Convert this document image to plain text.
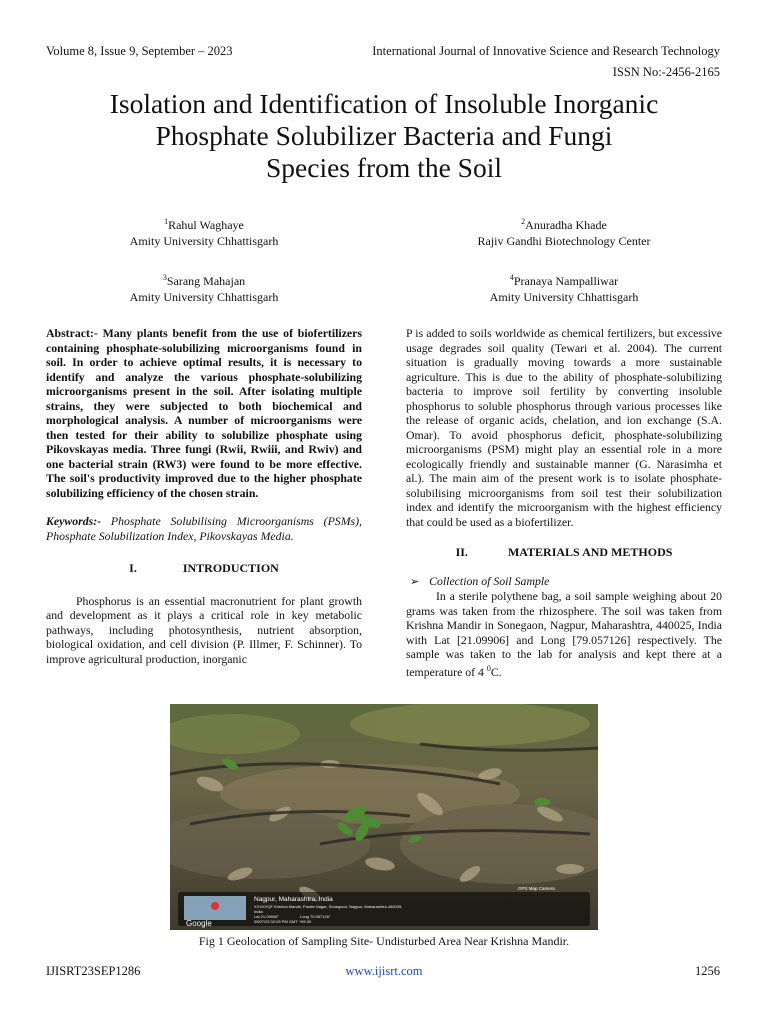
Volume 8, Issue 9, September – 2023	International Journal of Innovative Science and Research Technology
ISSN No:-2456-2165
Isolation and Identification of Insoluble Inorganic
Phosphate Solubilizer Bacteria and Fungi
Species from the Soil
$^1$Rahul Waghaye
Amity University Chhattisgarh
$^2$Anuradha Khade
Rajiv Gandhi Biotechnology Center
$^3$Sarang Mahajan
Amity University Chhattisgarh
$^4$Pranaya Nampalliwar
Amity University Chhattisgarh

Abstract:- Many plants benefit from the use of biofertilizers containing phosphate-solubilizing microorganisms found in soil. In order to achieve optimal results, it is necessary to identify and analyze the various phosphate-solubilizing microorganisms present in the soil. After isolating multiple strains, they were subjected to both biochemical and morphological analysis. A number of microorganisms were then tested for their ability to solubilize phosphate using Pikovskayas media. Three fungi (Rwii, Rwiii, and Rwiv) and one bacterial strain (RW3) were found to be more effective. The soil's productivity improved due to the higher phosphate solubilizing efficiency of the chosen strain.

Keywords:- Phosphate Solubilising Microorganisms (PSMs), Phosphate Solubilization Index, Pikovskayas Media.

I.	INTRODUCTION

Phosphorus is an essential macronutrient for plant growth and development as it plays a critical role in key metabolic pathways, including photosynthesis, nutrient absorption, biological oxidation, and cell division (P. Illmer, F. Schinner). To improve agricultural production, inorganic

P is added to soils worldwide as chemical fertilizers, but excessive usage degrades soil quality (Tewari et al. 2004). The current situation is gradually moving towards a more sustainable agriculture. This is due to the ability of phosphate-solubilizing bacteria to improve soil fertility by converting insoluble phosphorus to soluble phosphorus through various processes like the release of organic acids, chelation, and ion exchange (S.A. Omar). To avoid phosphorus deficit, phosphate-solubilizing microorganisms (PSM) might play an essential role in a more ecologically friendly and sustainable manner (G. Narasimha et al.). The main aim of the present work is to isolate phosphate-solubilising microorganisms from soil test their solubilization index and identify the microorganism with the highest efficiency that could be used as a biofertilizer.

II.	MATERIALS AND METHODS
➢ Collection of Soil Sample

In a sterile polythene bag, a soil sample weighing about 20 grams was taken from the rhizosphere. The soil was taken from Krishna Mandir in Sonegaon, Nagpur, Maharashtra, 440025, India with Lat [21.09906] and Long [79.057126] respectively. The sample was taken to the lab for analysis and kept there at a temperature of 4 $^0$C.

Google
Nagpur, Maharashtra, India
XXXXVQF Krishna Mandir, Parate Nagar, Sonegaon, Nagpur, Maharashtra 440025,
India
Lat 21.09906°	Long 79.057126°
05/07/23 02:09 PM GMT +05:30
GPS Map Camera
Fig 1 Geolocation of Sampling Site- Undisturbed Area Near Krishna Mandir.
IJISRT23SEP1286	www.ijisrt.com	1256
